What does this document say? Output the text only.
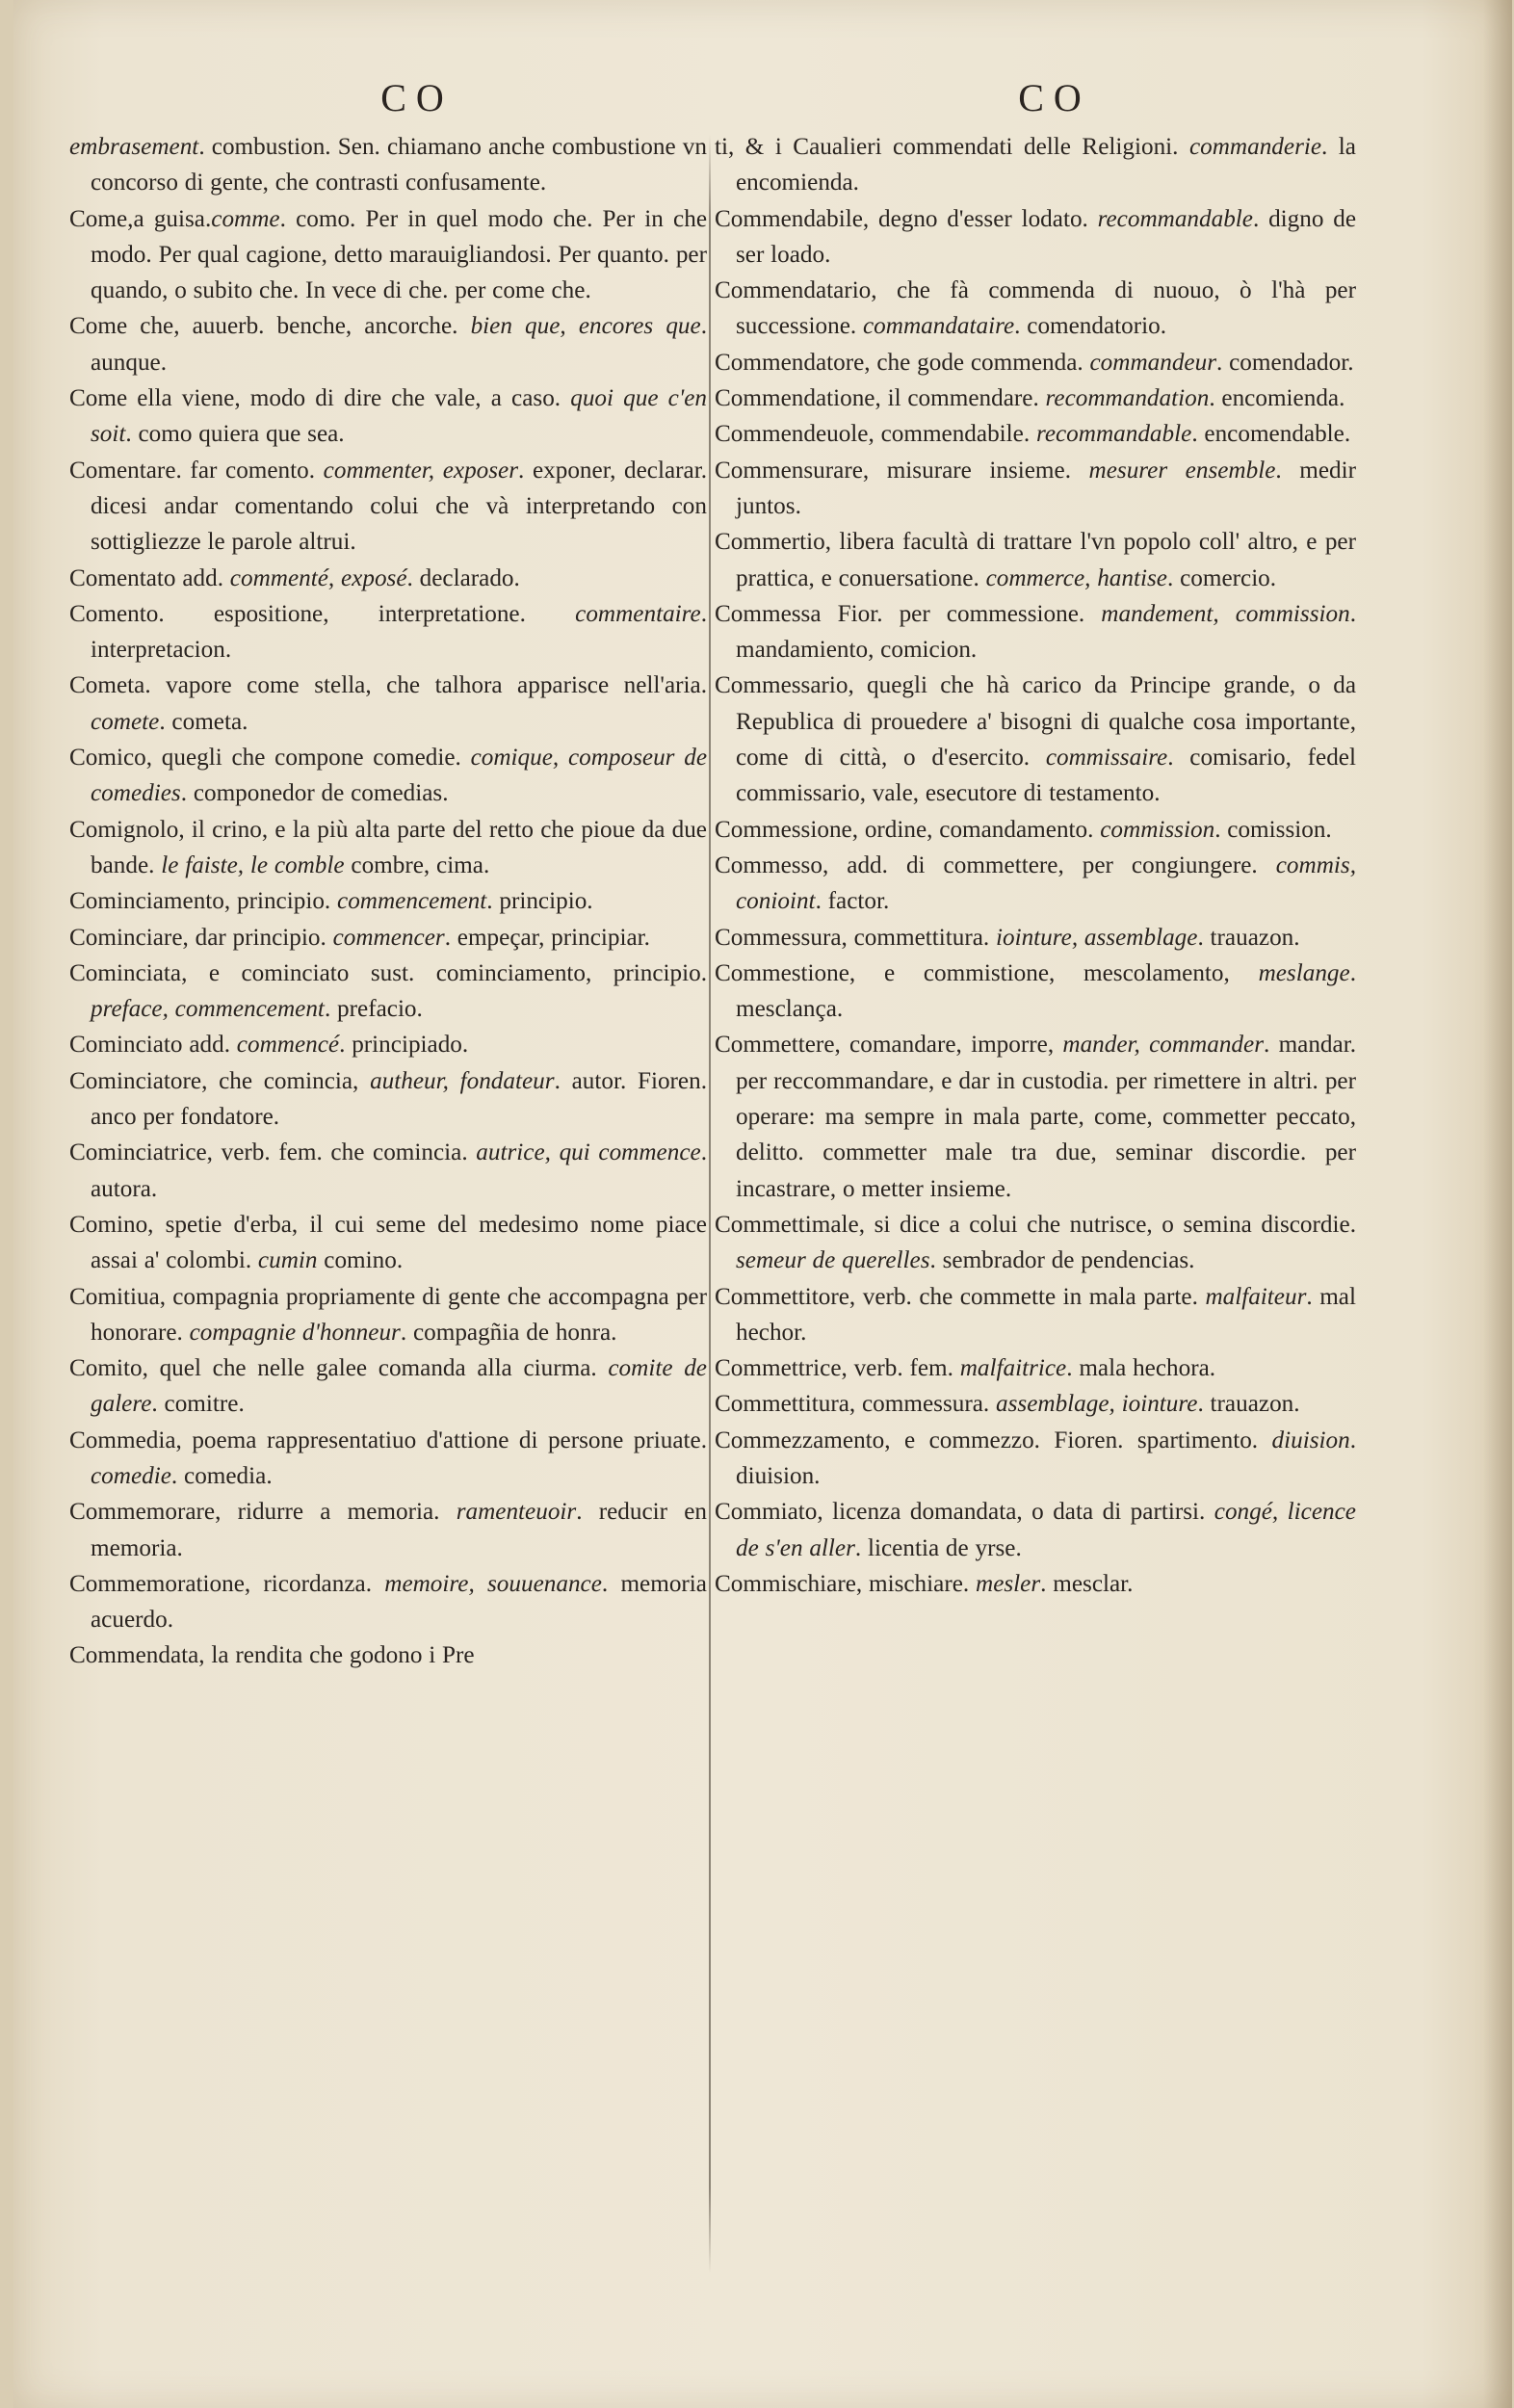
CO

embrasement. combustion. Sen. chiamano anche combustione vn concorso di gente, che contrasti confusamente.

Come,a guisa.comme. como. Per in quel modo che. Per in che modo. Per qual cagione, detto marauigliandosi. Per quanto. per quando, o subito che. In vece di che. per come che.

Come che, auuerb. benche, ancorche. bien que, encores que. aunque.

Come ella viene, modo di dire che vale, a caso. quoi que c'en soit. como quiera que sea.

Comentare. far comento. commenter, exposer. exponer, declarar. dicesi andar comentando colui che và interpretando con sottigliezze le parole altrui.

Comentato add. commenté, exposé. declarado.

Comento. espositione, interpretatione. commentaire. interpretacion.

Cometa. vapore come stella, che talhora apparisce nell'aria. comete. cometa.

Comico, quegli che compone comedie. comique, composeur de comedies. componedor de comedias.

Comignolo, il crino, e la più alta parte del retto che pioue da due bande. le faiste, le comble combre, cima.

Cominciamento, principio. commencement. principio.

Cominciare, dar principio. commencer. empeçar, principiar.

Cominciata, e cominciato sust. cominciamento, principio. preface, commencement. prefacio.

Cominciato add. commencé. principiado.

Cominciatore, che comincia, autheur, fondateur. autor. Fioren. anco per fondatore.

Cominciatrice, verb. fem. che comincia. autrice, qui commence. autora.

Comino, spetie d'erba, il cui seme del medesimo nome piace assai a' colombi. cumin comino.

Comitiua, compagnia propriamente di gente che accompagna per honorare. compagnie d'honneur. compagñia de honra.

Comito, quel che nelle galee comanda alla ciurma. comite de galere. comitre.

Commedia, poema rappresentatiuo d'attione di persone priuate. comedie. comedia.

Commemorare, ridurre a memoria. ramenteuoir. reducir en memoria.

Commemoratione, ricordanza. memoire, souuenance. memoria acuerdo.

Commendata, la rendita che godono i Pre

CO

ti, & i Caualieri commendati delle Religioni. commanderie. la encomienda.

Commendabile, degno d'esser lodato. recommandable. digno de ser loado.

Commendatario, che fà commenda di nuouo, ò l'hà per successione. commandataire. comendatorio.

Commendatore, che gode commenda. commandeur. comendador.

Commendatione, il commendare. recommandation. encomienda.

Commendeuole, commendabile. recommandable. encomendable.

Commensurare, misurare insieme. mesurer ensemble. medir juntos.

Commertio, libera facultà di trattare l'vn popolo coll' altro, e per prattica, e conuersatione. commerce, hantise. comercio.

Commessa Fior. per commessione. mandement, commission. mandamiento, comicion.

Commessario, quegli che hà carico da Principe grande, o da Republica di prouedere a' bisogni di qualche cosa importante, come di città, o d'esercito. commissaire. comisario, fedel commissario, vale, esecutore di testamento.

Commessione, ordine, comandamento. commission. comission.

Commesso, add. di commettere, per congiungere. commis, conioint. factor.

Commessura, commettitura. iointure, assemblage. trauazon.

Commestione, e commistione, mescolamento, meslange. mesclança.

Commettere, comandare, imporre, mander, commander. mandar. per reccommandare, e dar in custodia. per rimettere in altri. per operare: ma sempre in mala parte, come, commetter peccato, delitto. commetter male tra due, seminar discordie. per incastrare, o metter insieme.

Commettimale, si dice a colui che nutrisce, o semina discordie. semeur de querelles. sembrador de pendencias.

Commettitore, verb. che commette in mala parte. malfaiteur. mal hechor.

Commettrice, verb. fem. malfaitrice. mala hechora.

Commettitura, commessura. assemblage, iointure. trauazon.

Commezzamento, e commezzo. Fioren. spartimento. diuision. diuision.

Commiato, licenza domandata, o data di partirsi. congé, licence de s'en aller. licentia de yrse.

Commischiare, mischiare. mesler. mesclar.
